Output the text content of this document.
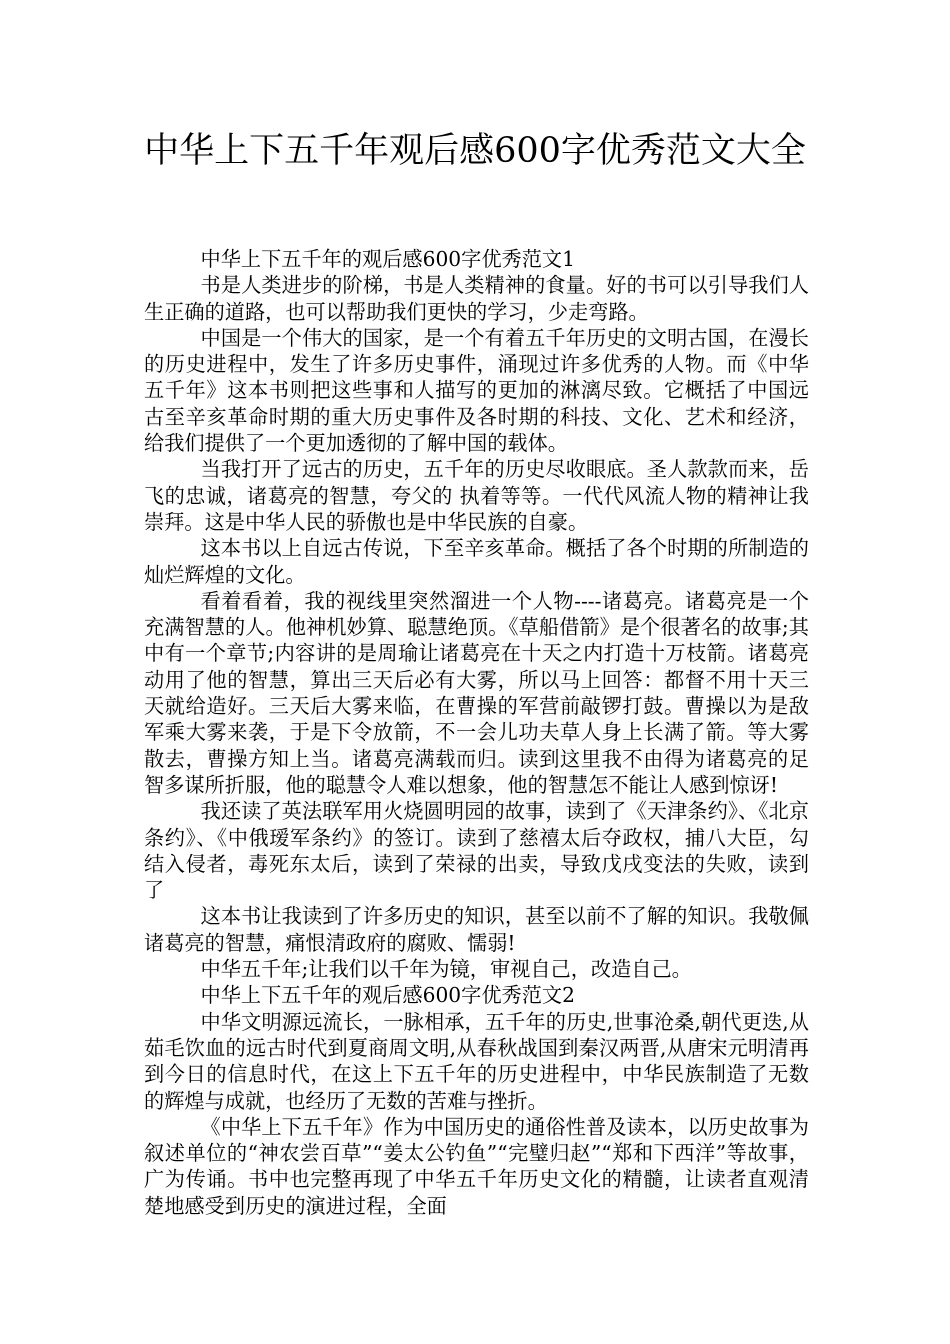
中华上下五千年观后感600字优秀范文大全

中华上下五千年的观后感600字优秀范文1

书是人类进步的阶梯，书是人类精神的食量。好的书可以引导我们人生正确的道路，也可以帮助我们更快的学习，少走弯路。

中国是一个伟大的国家，是一个有着五千年历史的文明古国，在漫长的历史进程中，发生了许多历史事件，涌现过许多优秀的人物。而《中华五千年》这本书则把这些事和人描写的更加的淋漓尽致。它概括了中国远古至辛亥革命时期的重大历史事件及各时期的科技、文化、艺术和经济，给我们提供了一个更加透彻的了解中国的载体。

当我打开了远古的历史，五千年的历史尽收眼底。圣人款款而来，岳飞的忠诚，诸葛亮的智慧，夸父的 执着等等。一代代风流人物的精神让我崇拜。这是中华人民的骄傲也是中华民族的自豪。

这本书以上自远古传说，下至辛亥革命。概括了各个时期的所制造的灿烂辉煌的文化。

看着看着，我的视线里突然溜进一个人物----诸葛亮。诸葛亮是一个充满智慧的人。他神机妙算、聪慧绝顶。《草船借箭》是个很著名的故事;其中有一个章节;内容讲的是周瑜让诸葛亮在十天之内打造十万枝箭。诸葛亮动用了他的智慧，算出三天后必有大雾，所以马上回答：都督不用十天三天就给造好。三天后大雾来临，在曹操的军营前敲锣打鼓。曹操以为是敌军乘大雾来袭，于是下令放箭，不一会儿功夫草人身上长满了箭。等大雾散去，曹操方知上当。诸葛亮满载而归。读到这里我不由得为诸葛亮的足智多谋所折服，他的聪慧令人难以想象，他的智慧怎不能让人感到惊讶!

我还读了英法联军用火烧圆明园的故事，读到了《天津条约》、《北京条约》、《中俄瑷军条约》的签订。读到了慈禧太后夺政权，捕八大臣，勾结入侵者，毒死东太后，读到了荣禄的出卖，导致戊戌变法的失败，读到了

这本书让我读到了许多历史的知识，甚至以前不了解的知识。我敬佩诸葛亮的智慧，痛恨清政府的腐败、懦弱!

中华五千年;让我们以千年为镜，审视自己，改造自己。

中华上下五千年的观后感600字优秀范文2

中华文明源远流长，一脉相承，五千年的历史,世事沧桑,朝代更迭,从茹毛饮血的远古时代到夏商周文明,从春秋战国到秦汉两晋,从唐宋元明清再到今日的信息时代，在这上下五千年的历史进程中，中华民族制造了无数的辉煌与成就，也经历了无数的苦难与挫折。

《中华上下五千年》作为中国历史的通俗性普及读本，以历史故事为叙述单位的“神农尝百草”“姜太公钓鱼”“完璧归赵”“郑和下西洋”等故事，广为传诵。书中也完整再现了中华五千年历史文化的精髓，让读者直观清楚地感受到历史的演进过程，全面
